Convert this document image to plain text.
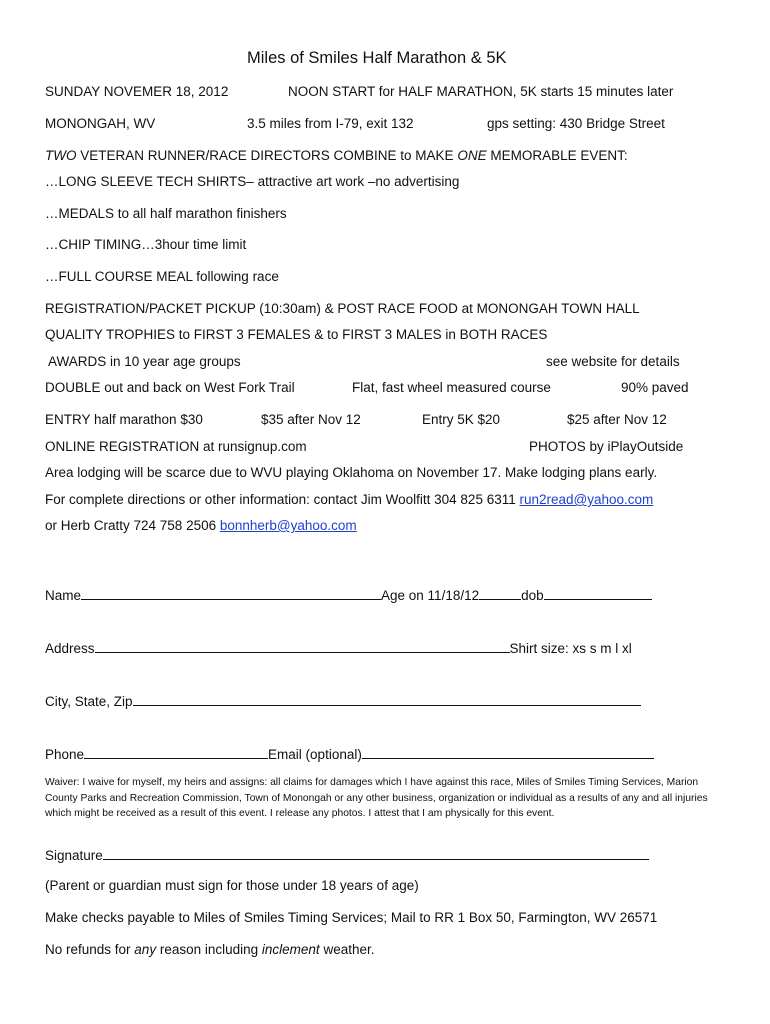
Miles of Smiles Half Marathon & 5K
SUNDAY NOVEMER 18, 2012	NOON START for HALF MARATHON, 5K starts 15 minutes later
MONONGAH, WV	3.5 miles from I-79, exit 132	gps setting: 430 Bridge Street
TWO VETERAN RUNNER/RACE DIRECTORS COMBINE to MAKE ONE MEMORABLE EVENT:
…LONG SLEEVE TECH SHIRTS– attractive art work –no advertising
…MEDALS to all half marathon finishers
…CHIP TIMING…3hour time limit
…FULL COURSE MEAL following race
REGISTRATION/PACKET PICKUP (10:30am) & POST RACE FOOD at MONONGAH TOWN HALL
QUALITY TROPHIES to FIRST 3 FEMALES & to FIRST 3 MALES in BOTH RACES
AWARDS in 10 year age groups	see website for details
DOUBLE out and back on West Fork Trail	Flat, fast wheel measured course	90% paved
ENTRY half marathon $30	$35 after Nov 12	Entry 5K $20	$25 after Nov 12
ONLINE REGISTRATION at runsignup.com	PHOTOS by iPlayOutside
Area lodging will be scarce due to WVU playing Oklahoma on November 17. Make lodging plans early.
For complete directions or other information: contact Jim Woolfitt 304 825 6311 run2read@yahoo.com
or Herb Cratty 724 758 2506 bonnherb@yahoo.com
Name	Age on 11/18/12	dob
Address	Shirt size: xs s m l xl
City, State, Zip
Phone	Email (optional)
Waiver: I waive for myself, my heirs and assigns: all claims for damages which I have against this race, Miles of Smiles Timing Services, Marion County Parks and Recreation Commission, Town of Monongah or any other business, organization or individual as a results of any and all injuries which might be received as a result of this event. I release any photos. I attest that I am physically for this event.
Signature
(Parent or guardian must sign for those under 18 years of age)
Make checks payable to Miles of Smiles Timing Services; Mail to RR 1 Box 50, Farmington, WV 26571
No refunds for any reason including inclement weather.
